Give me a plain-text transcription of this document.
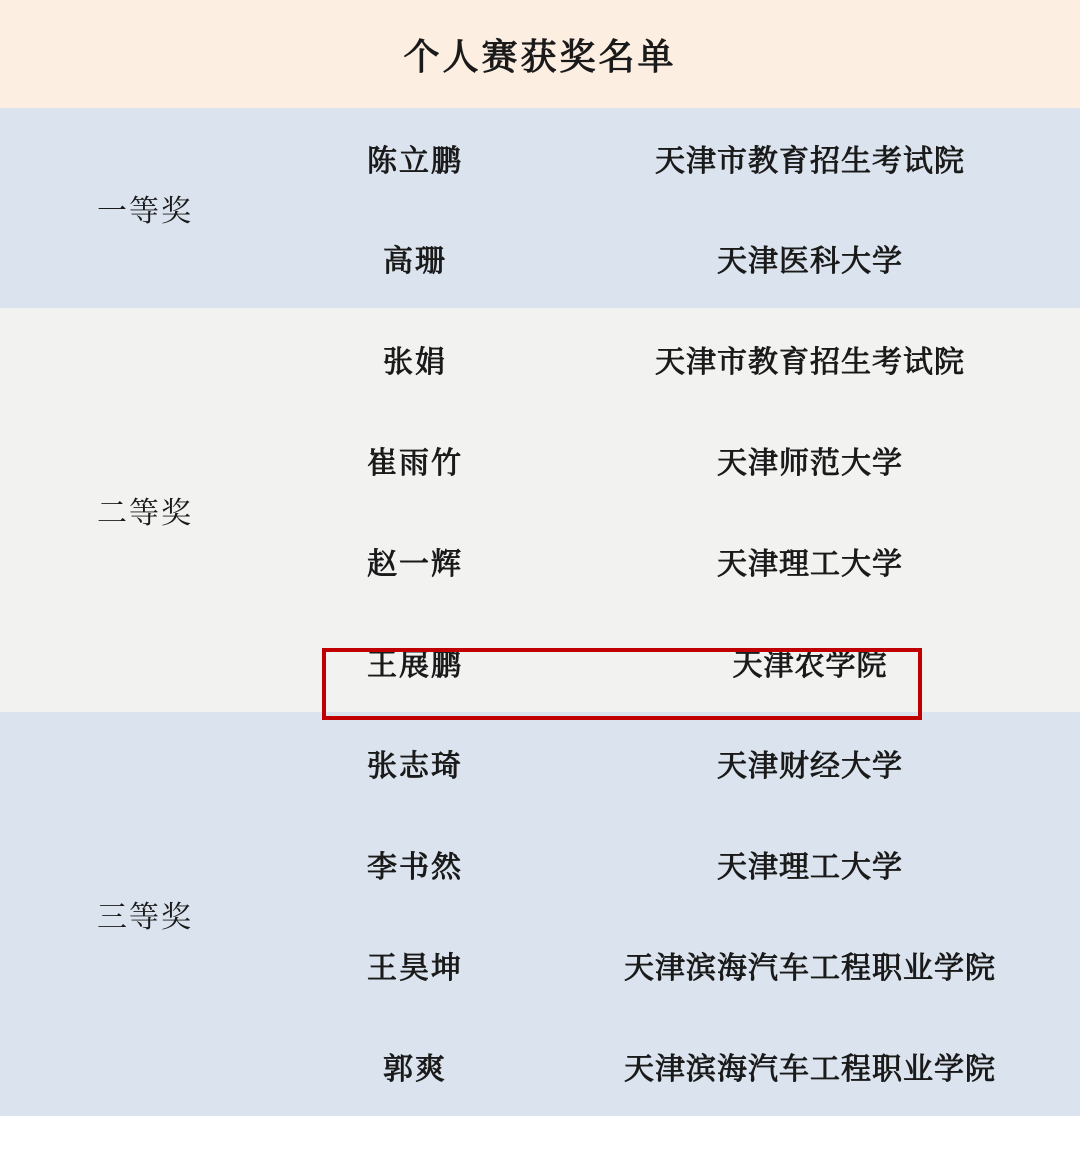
个人赛获奖名单
一等奖	陈立鹏	天津市教育招生考试院
	高珊	天津医科大学
二等奖	张娟	天津市教育招生考试院
	崔雨竹	天津师范大学
	赵一辉	天津理工大学
	王展鹏	天津农学院
三等奖	张志琦	天津财经大学
	李书然	天津理工大学
	王昊坤	天津滨海汽车工程职业学院
	郭爽	天津滨海汽车工程职业学院
